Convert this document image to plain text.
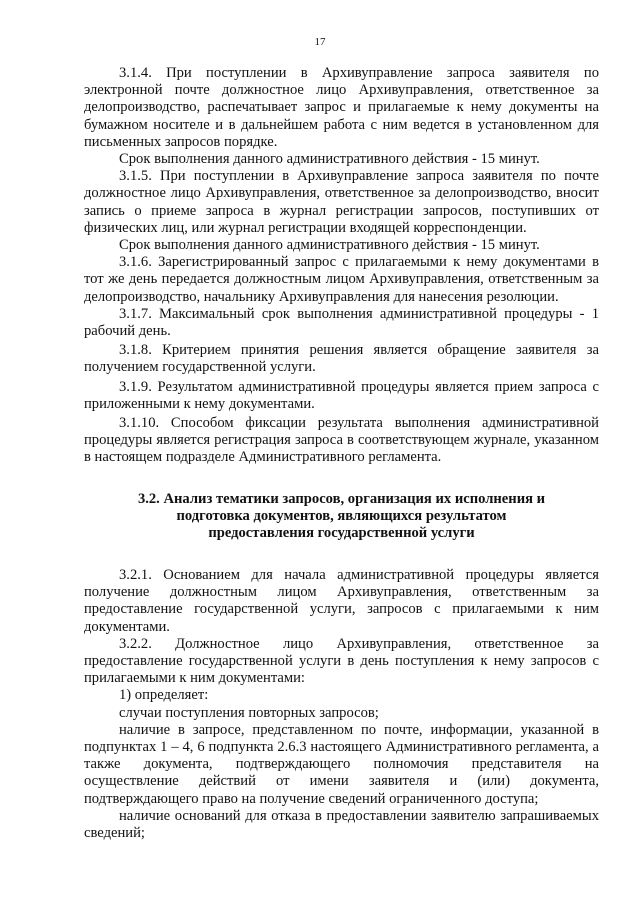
17

3.1.4. При поступлении в Архивуправление запроса заявителя по электронной почте должностное лицо Архивуправления, ответственное за делопроизводство, распечатывает запрос и прилагаемые к нему документы на бумажном носителе и в дальнейшем работа с ним ведется в установленном для письменных запросов порядке.

Срок выполнения данного административного действия - 15 минут.

3.1.5. При поступлении в Архивуправление запроса заявителя по почте должностное лицо Архивуправления, ответственное за делопроизводство, вносит запись о приеме запроса в журнал регистрации запросов, поступивших от физических лиц, или журнал регистрации входящей корреспонденции.

Срок выполнения данного административного действия - 15 минут.

3.1.6. Зарегистрированный запрос с прилагаемыми к нему документами в тот же день передается должностным лицом Архивуправления, ответственным за делопроизводство, начальнику Архивуправления для нанесения резолюции.

3.1.7. Максимальный срок выполнения административной процедуры - 1 рабочий день.

3.1.8. Критерием принятия решения является обращение заявителя за получением государственной услуги.

3.1.9. Результатом административной процедуры является прием запроса с приложенными к нему документами.

3.1.10. Способом фиксации результата выполнения административной процедуры является регистрация запроса в соответствующем журнале, указанном в настоящем подразделе Административного регламента.

3.2. Анализ тематики запросов, организация их исполнения и
подготовка документов, являющихся результатом
предоставления государственной услуги

3.2.1. Основанием для начала административной процедуры является получение должностным лицом Архивуправления, ответственным за предоставление государственной услуги, запросов с прилагаемыми к ним документами.

3.2.2. Должностное лицо Архивуправления, ответственное за предоставление государственной услуги в день поступления к нему запросов с прилагаемыми к ним документами:

1) определяет:

случаи поступления повторных запросов;

наличие в запросе, представленном по почте, информации, указанной в подпунктах 1 – 4, 6 подпункта 2.6.3 настоящего Административного регламента, а также документа, подтверждающего полномочия представителя на осуществление действий от имени заявителя и (или) документа, подтверждающего право на получение сведений ограниченного доступа;

наличие оснований для отказа в предоставлении заявителю запрашиваемых сведений;
